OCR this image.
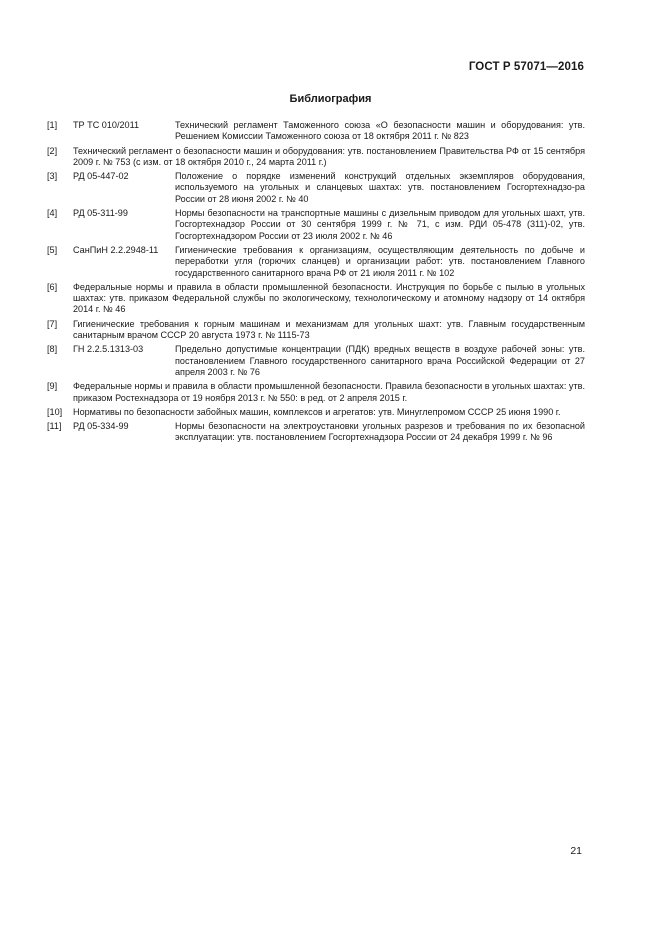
ГОСТ Р 57071—2016
Библиография
[1] ТР ТС 010/2011	Технический регламент Таможенного союза «О безопасности машин и оборудования: утв. Решением Комиссии Таможенного союза от 18 октября 2011 г. № 823
[2] Технический регламент о безопасности машин и оборудования: утв. постановлением Правительства РФ от 15 сентября 2009 г. № 753 (с изм. от 18 октября 2010 г., 24 марта 2011 г.)
[3] РД 05-447-02	Положение о порядке изменений конструкций отдельных экземпляров оборудования, используемого на угольных и сланцевых шахтах: утв. постановлением Госгортехнадзо-ра России от 28 июня 2002 г. № 40
[4] РД 05-311-99	Нормы безопасности на транспортные машины с дизельным приводом для угольных шахт, утв. Госгортехнадзор России от 30 сентября 1999 г. № 71, с изм. РДИ 05-478 (311)-02, утв. Госгортехнадзором России от 23 июля 2002 г. № 46
[5] СанПиН 2.2.2948-11 Гигиенические требования к организациям, осуществляющим деятельность по добыче и переработки угля (горючих сланцев) и организации работ: утв. постановлением Главного государственного санитарного врача РФ от 21 июля 2011 г. № 102
[6] Федеральные нормы и правила в области промышленной безопасности. Инструкция по борьбе с пылью в угольных шахтах: утв. приказом Федеральной службы по экологическому, технологическому и атомному надзору от 14 октября 2014 г. № 46
[7] Гигиенические требования к горным машинам и механизмам для угольных шахт: утв. Главным государственным санитарным врачом СССР 20 августа 1973 г. № 1115-73
[8] ГН 2.2.5.1313-03	Предельно допустимые концентрации (ПДК) вредных веществ в воздухе рабочей зоны: утв. постановлением Главного государственного санитарного врача Российской Федерации от 27 апреля 2003 г. № 76
[9] Федеральные нормы и правила в области промышленной безопасности. Правила безопасности в угольных шахтах: утв. приказом Ростехнадзора от 19 ноября 2013 г. № 550: в ред. от 2 апреля 2015 г.
[10] Нормативы по безопасности забойных машин, комплексов и агрегатов: утв. Минуглепромом СССР 25 июня 1990 г.
[11] РД 05-334-99	Нормы безопасности на электроустановки угольных разрезов и требования по их безопасной эксплуатации: утв. постановлением Госгортехнадзора России от 24 декабря 1999 г. № 96
21
